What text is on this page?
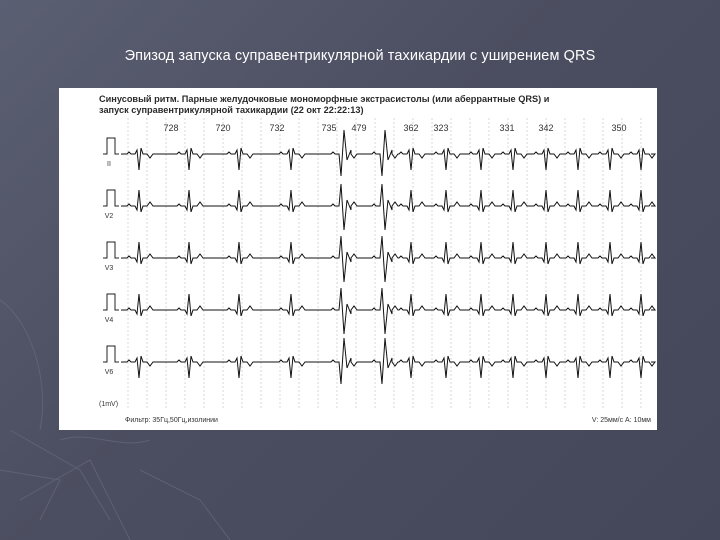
Эпизод запуска суправентрикулярной тахикардии с уширением QRS
Синусовый ритм. Парные желудочковые мономорфные экстрасистолы (или аберрантные QRS) и
запуск суправентрикулярной тахикардии (22 окт 22:22:13)
728	720	732	735 479	362 323	331	342	350
II
V2
V3
V4
V6
(1mV)
Фильтр: 35Гц,50Гц,изолинии	V: 25мм/с A: 10мм
